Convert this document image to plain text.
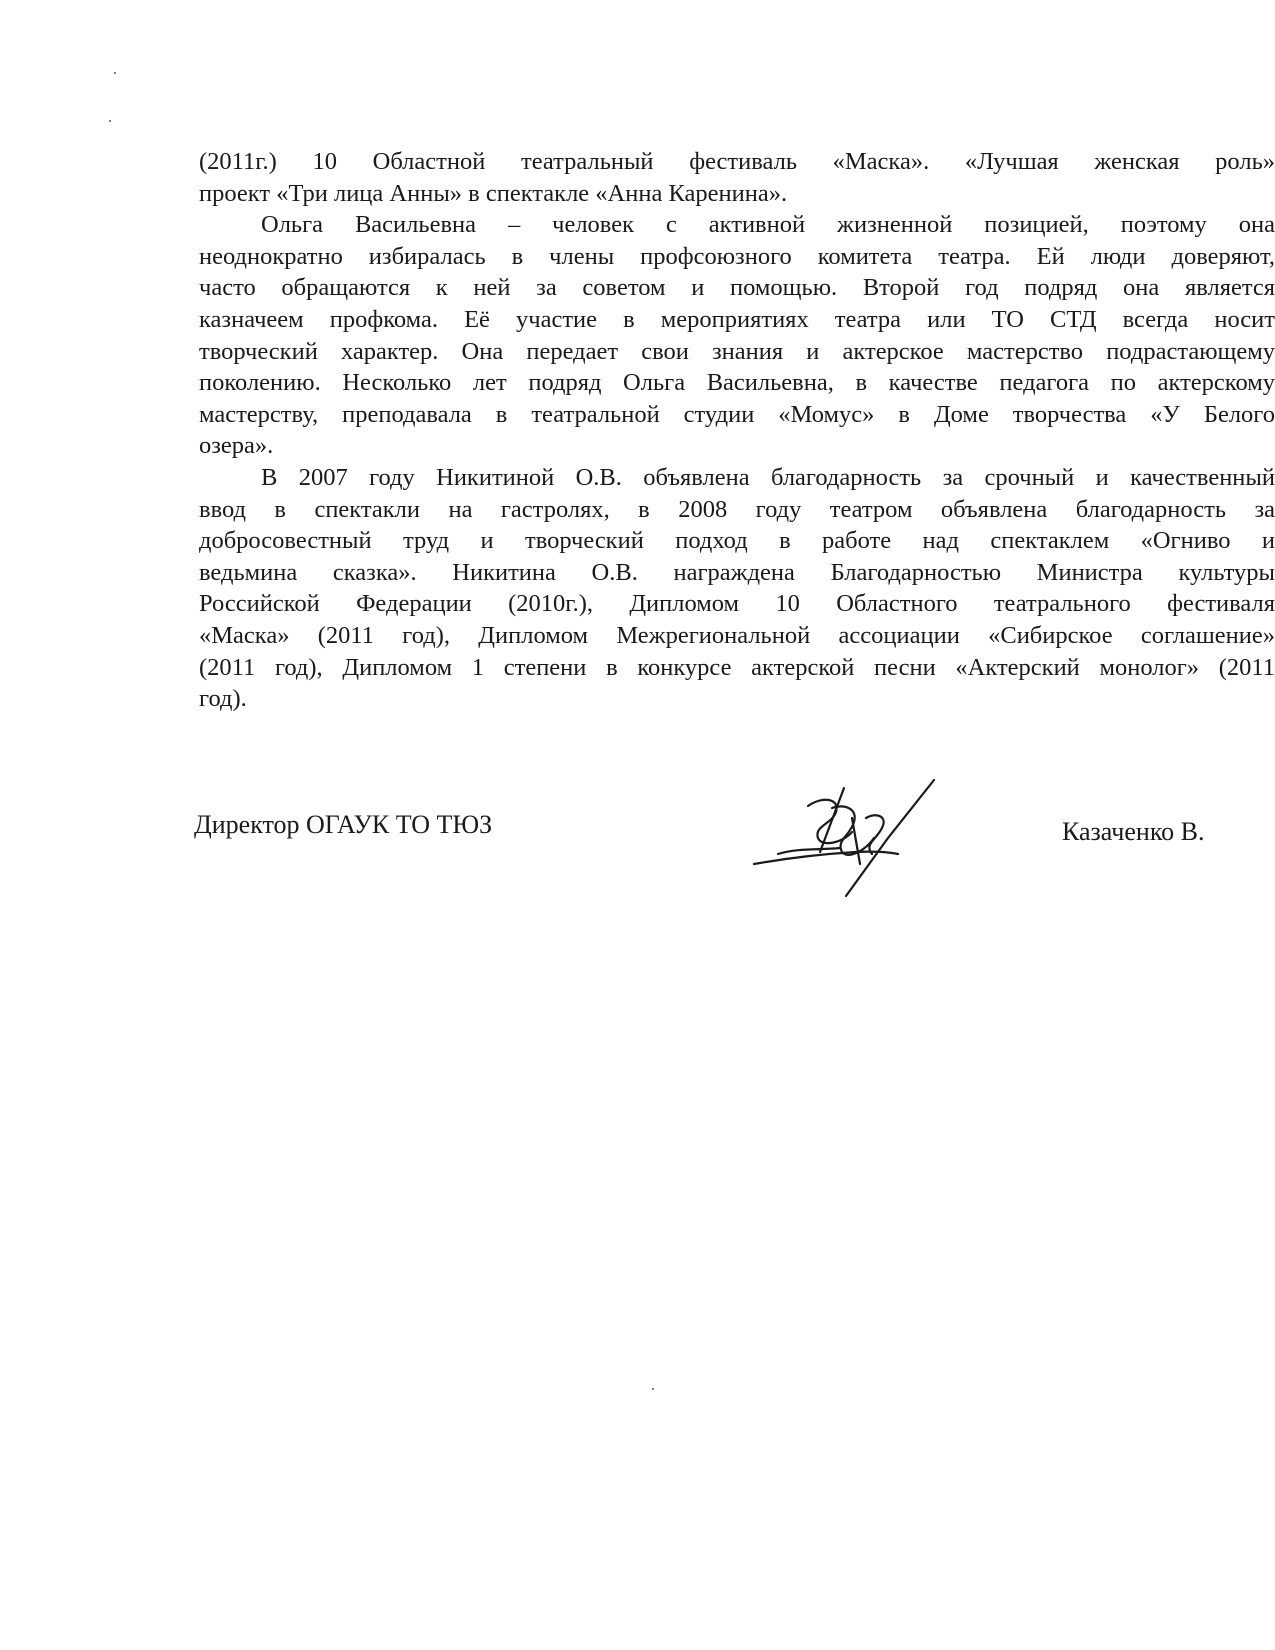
(2011г.) 10 Областной театральный фестиваль «Маска». «Лучшая женская роль»
проект «Три лица Анны» в спектакле «Анна Каренина».
Ольга Васильевна – человек с активной жизненной позицией, поэтому она
неоднократно избиралась в члены профсоюзного комитета театра. Ей люди доверяют,
часто обращаются к ней за советом и помощью. Второй год подряд она является
казначеем профкома. Её участие в мероприятиях театра или ТО СТД всегда носит
творческий характер. Она передает свои знания и актерское мастерство подрастающему
поколению. Несколько лет подряд Ольга Васильевна, в качестве педагога по актерскому
мастерству, преподавала в театральной студии «Момус» в Доме творчества «У Белого
озера».
В 2007 году Никитиной О.В. объявлена благодарность за срочный и качественный
ввод в спектакли на гастролях, в 2008 году театром объявлена благодарность за
добросовестный труд и творческий подход в работе над спектаклем «Огниво и
ведьмина сказка». Никитина О.В. награждена Благодарностью Министра культуры
Российской Федерации (2010г.), Дипломом 10 Областного театрального фестиваля
«Маска» (2011 год), Дипломом Межрегиональной ассоциации «Сибирское соглашение»
(2011 год), Дипломом 1 степени в конкурсе актерской песни «Актерский монолог» (2011
год).
Директор ОГАУК ТО ТЮЗ	Казаченко В.
